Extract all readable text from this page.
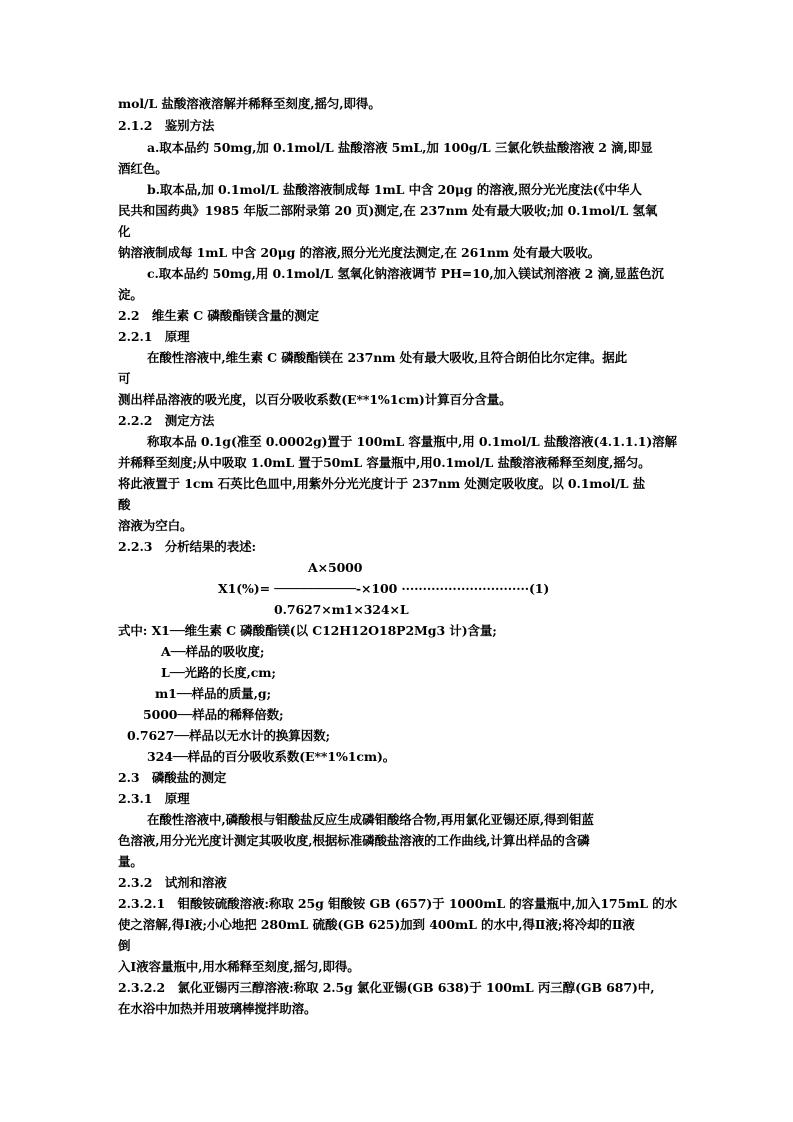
mol/L 盐酸溶液溶解并稀释至刻度,摇匀,即得。
2.1.2　鉴别方法
a.取本品约 50mg,加 0.1mol/L 盐酸溶液 5mL,加 100g/L 三氯化铁盐酸溶液 2 滴,即显
酒红色。
b.取本品,加 0.1mol/L 盐酸溶液制成每 1mL 中含 20μg 的溶液,照分光光度法(《中华人
民共和国药典》1985 年版二部附录第 20 页)测定,在 237nm 处有最大吸收;加 0.1mol/L 氢氧
化
钠溶液制成每 1mL 中含 20μg 的溶液,照分光光度法测定,在 261nm 处有最大吸收。
c.取本品约 50mg,用 0.1mol/L 氢氧化钠溶液调节 PH=10,加入镁试剂溶液 2 滴,显蓝色沉
淀。
2.2　维生素 C 磷酸酯镁含量的测定
2.2.1　原理
在酸性溶液中,维生素 C 磷酸酯镁在 237nm 处有最大吸收,且符合朗伯比尔定律。据此
可
测出样品溶液的吸光度，以百分吸收系数(E**1%1cm)计算百分含量。
2.2.2　测定方法
称取本品 0.1g(准至 0.0002g)置于 100mL 容量瓶中,用 0.1mol/L 盐酸溶液(4.1.1.1)溶解
并稀释至刻度;从中吸取 1.0mL 置于50mL 容量瓶中,用0.1mol/L 盐酸溶液稀释至刻度,摇匀。
将此液置于 1cm 石英比色皿中,用紫外分光光度计于 237nm 处测定吸收度。以 0.1mol/L 盐
酸
溶液为空白。
2.2.3　分析结果的表述:
A×5000
X1(%)= ───────────-×100 ······························(1)
0.7627×m1×324×L
式中: X1──维生素 C 磷酸酯镁(以 C12H12O18P2Mg3 计)含量;
A──样品的吸收度;
L──光路的长度,cm;
m1──样品的质量,g;
5000──样品的稀释倍数;
0.7627──样品以无水计的换算因数;
324──样品的百分吸收系数(E**1%1cm)。
2.3　磷酸盐的测定
2.3.1　原理
在酸性溶液中,磷酸根与钼酸盐反应生成磷钼酸络合物,再用氯化亚锡还原,得到钼蓝
色溶液,用分光光度计测定其吸收度,根据标准磷酸盐溶液的工作曲线,计算出样品的含磷
量。
2.3.2　试剂和溶液
2.3.2.1　钼酸铵硫酸溶液:称取 25g 钼酸铵 GB (657)于 1000mL 的容量瓶中,加入175mL 的水
使之溶解,得Ⅰ液;小心地把 280mL 硫酸(GB 625)加到 400mL 的水中,得Ⅱ液;将冷却的Ⅱ液
倒
入Ⅰ液容量瓶中,用水稀释至刻度,摇匀,即得。
2.3.2.2　氯化亚锡丙三醇溶液:称取 2.5g 氯化亚锡(GB 638)于 100mL 丙三醇(GB 687)中,
在水浴中加热并用玻璃棒搅拌助溶。
